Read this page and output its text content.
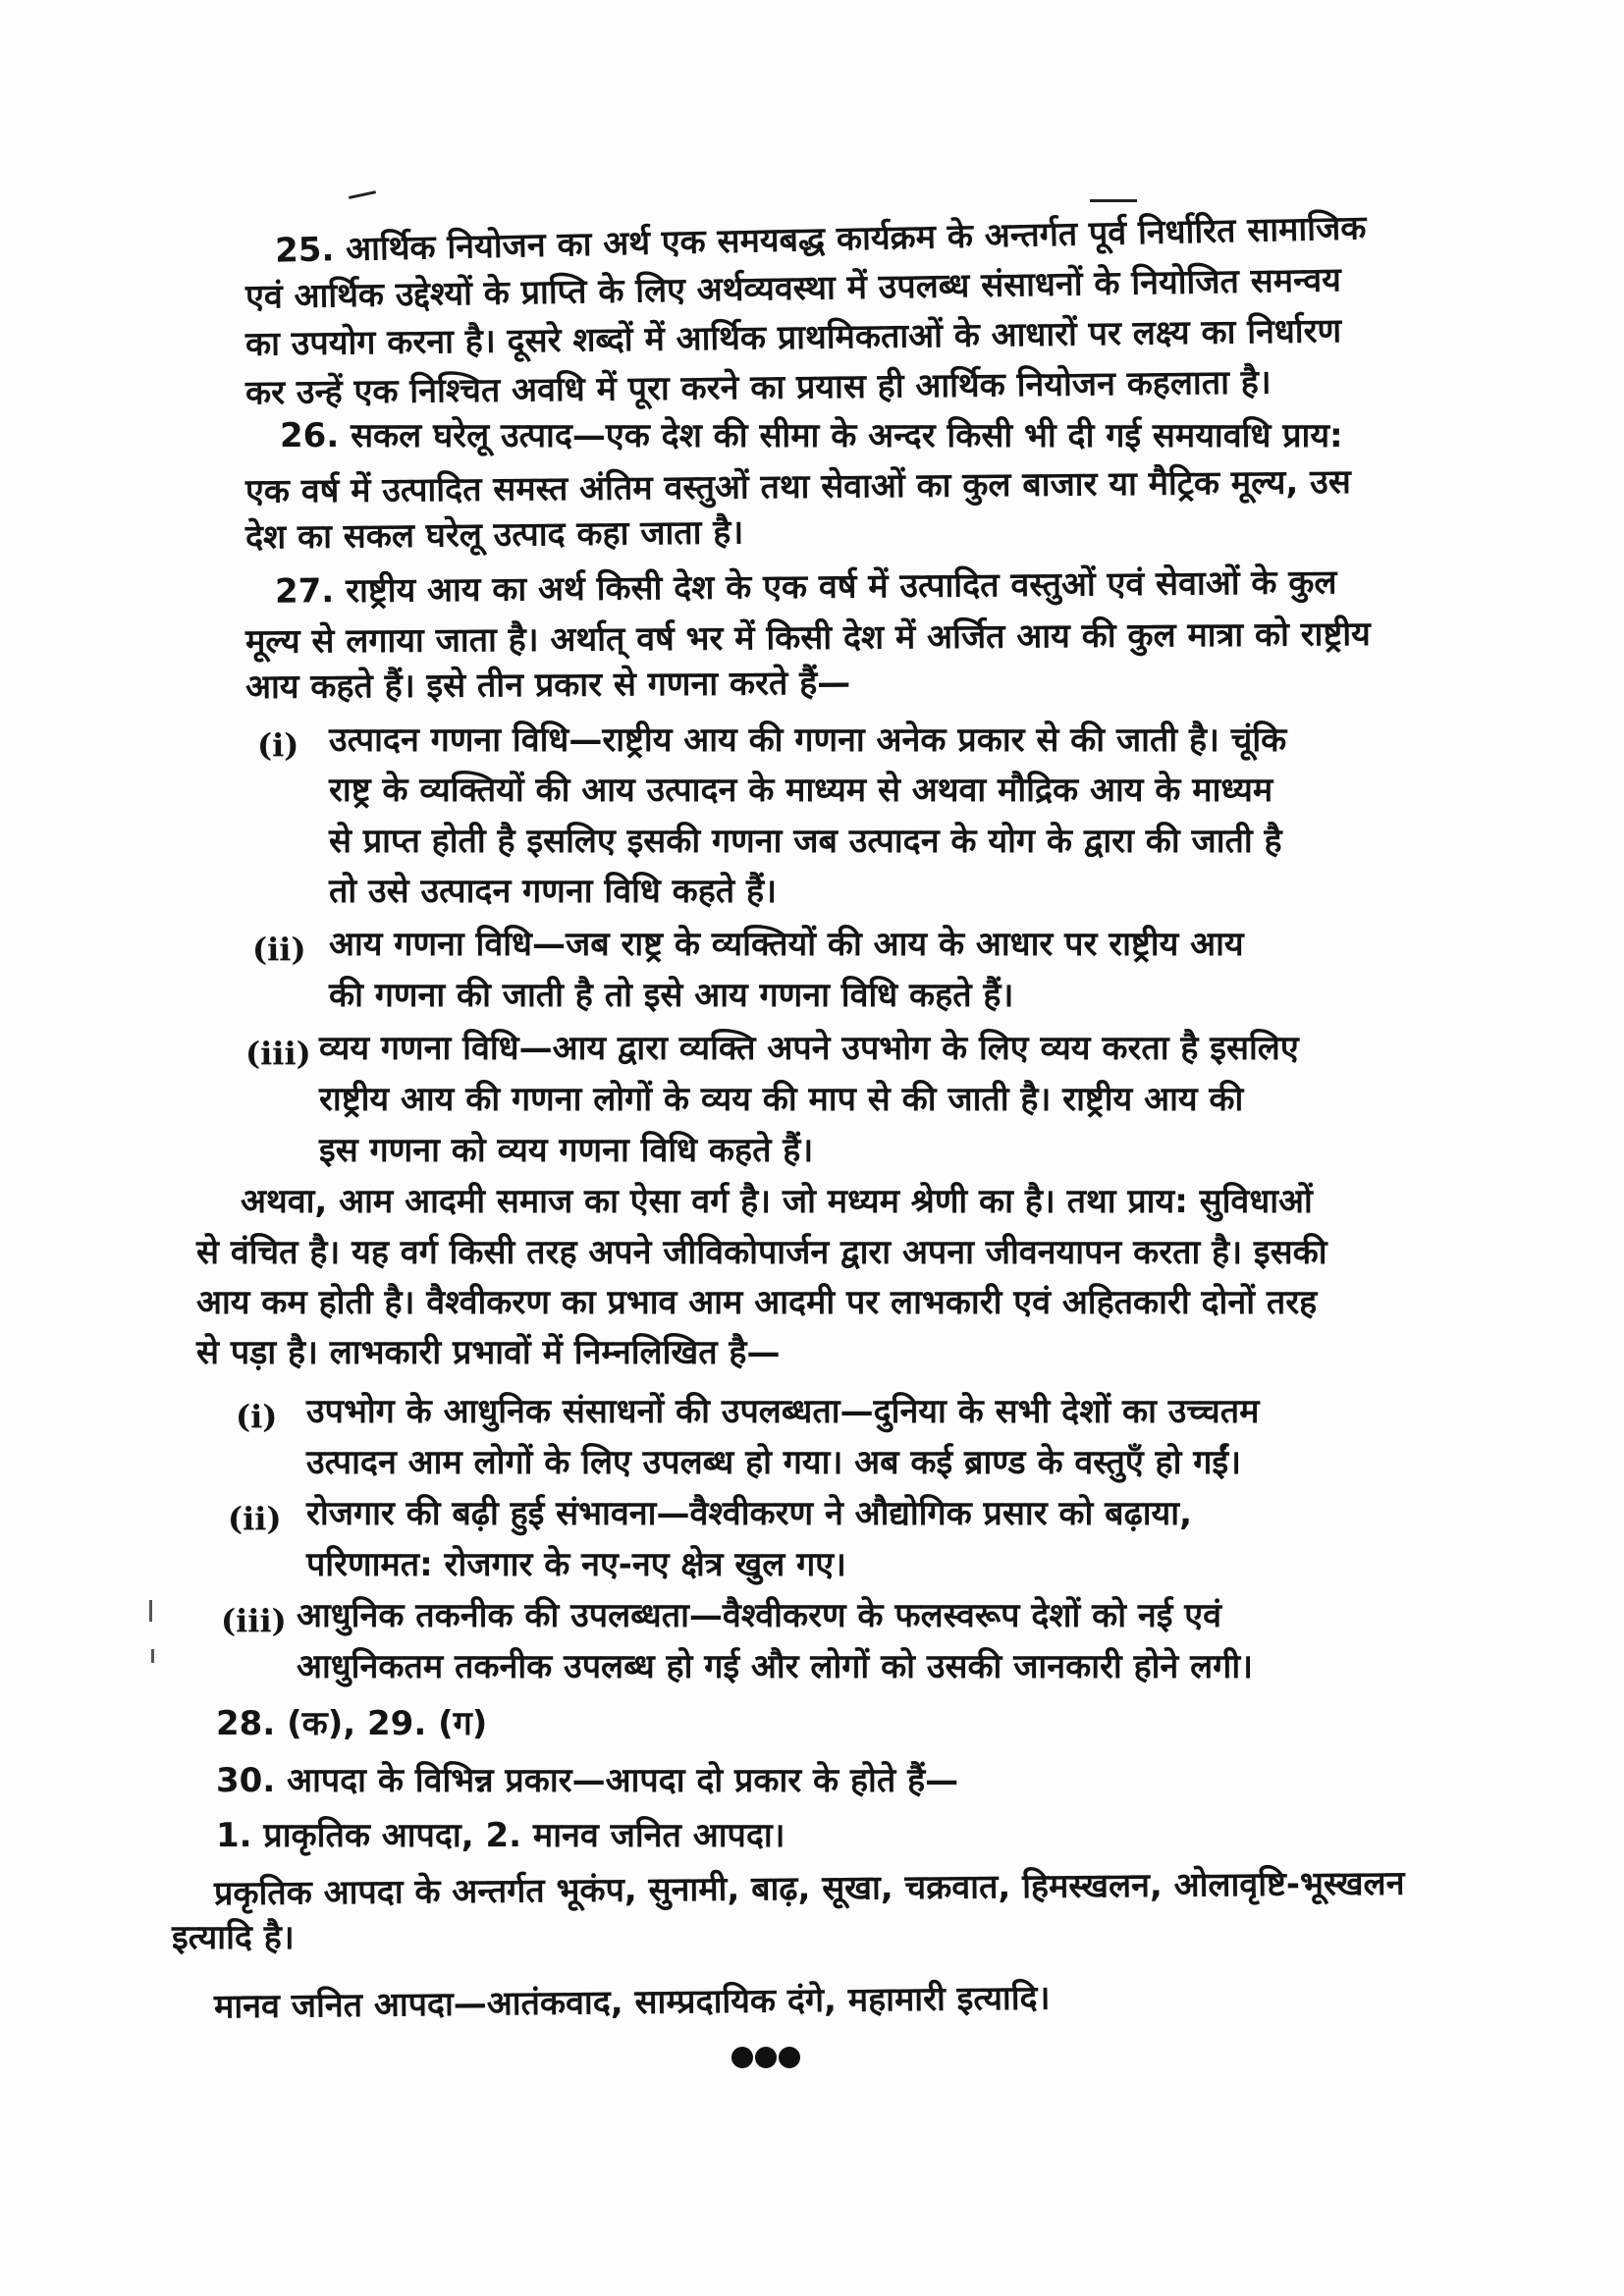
25. आर्थिक नियोजन का अर्थ एक समयबद्ध कार्यक्रम के अन्तर्गत पूर्व निर्धारित सामाजिक
एवं आर्थिक उद्देश्यों के प्राप्ति के लिए अर्थव्यवस्था में उपलब्ध संसाधनों के नियोजित समन्वय
का उपयोग करना है। दूसरे शब्दों में आर्थिक प्राथमिकताओं के आधारों पर लक्ष्य का निर्धारण
कर उन्हें एक निश्चित अवधि में पूरा करने का प्रयास ही आर्थिक नियोजन कहलाता है।
26. सकल घरेलू उत्पाद—एक देश की सीमा के अन्दर किसी भी दी गई समयावधि प्राय:
एक वर्ष में उत्पादित समस्त अंतिम वस्तुओं तथा सेवाओं का कुल बाजार या मैट्रिक मूल्य, उस
देश का सकल घरेलू उत्पाद कहा जाता है।
27. राष्ट्रीय आय का अर्थ किसी देश के एक वर्ष में उत्पादित वस्तुओं एवं सेवाओं के कुल
मूल्य से लगाया जाता है। अर्थात् वर्ष भर में किसी देश में अर्जित आय की कुल मात्रा को राष्ट्रीय
आय कहते हैं। इसे तीन प्रकार से गणना करते हैं—
(i) उत्पादन गणना विधि—राष्ट्रीय आय की गणना अनेक प्रकार से की जाती है। चूंकि
राष्ट्र के व्यक्तियों की आय उत्पादन के माध्यम से अथवा मौद्रिक आय के माध्यम
से प्राप्त होती है इसलिए इसकी गणना जब उत्पादन के योग के द्वारा की जाती है
तो उसे उत्पादन गणना विधि कहते हैं।
(ii) आय गणना विधि—जब राष्ट्र के व्यक्तियों की आय के आधार पर राष्ट्रीय आय
की गणना की जाती है तो इसे आय गणना विधि कहते हैं।
(iii) व्यय गणना विधि—आय द्वारा व्यक्ति अपने उपभोग के लिए व्यय करता है इसलिए
राष्ट्रीय आय की गणना लोगों के व्यय की माप से की जाती है। राष्ट्रीय आय की
इस गणना को व्यय गणना विधि कहते हैं।
अथवा, आम आदमी समाज का ऐसा वर्ग है। जो मध्यम श्रेणी का है। तथा प्राय: सुविधाओं
से वंचित है। यह वर्ग किसी तरह अपने जीविकोपार्जन द्वारा अपना जीवनयापन करता है। इसकी
आय कम होती है। वैश्वीकरण का प्रभाव आम आदमी पर लाभकारी एवं अहितकारी दोनों तरह
से पड़ा है। लाभकारी प्रभावों में निम्नलिखित है—
(i) उपभोग के आधुनिक संसाधनों की उपलब्धता—दुनिया के सभी देशों का उच्चतम
उत्पादन आम लोगों के लिए उपलब्ध हो गया। अब कई ब्राण्ड के वस्तुएँ हो गईं।
(ii) रोजगार की बढ़ी हुई संभावना—वैश्वीकरण ने औद्योगिक प्रसार को बढ़ाया,
परिणामत: रोजगार के नए-नए क्षेत्र खुल गए।
(iii) आधुनिक तकनीक की उपलब्धता—वैश्वीकरण के फलस्वरूप देशों को नई एवं
आधुनिकतम तकनीक उपलब्ध हो गई और लोगों को उसकी जानकारी होने लगी।
28. (क), 29. (ग)
30. आपदा के विभिन्न प्रकार—आपदा दो प्रकार के होते हैं—
1. प्राकृतिक आपदा, 2. मानव जनित आपदा।
प्रकृतिक आपदा के अन्तर्गत भूकंप, सुनामी, बाढ़, सूखा, चक्रवात, हिमस्खलन, ओलावृष्टि-भूस्खलन
इत्यादि है।
मानव जनित आपदा—आतंकवाद, साम्प्रदायिक दंगे, महामारी इत्यादि।
